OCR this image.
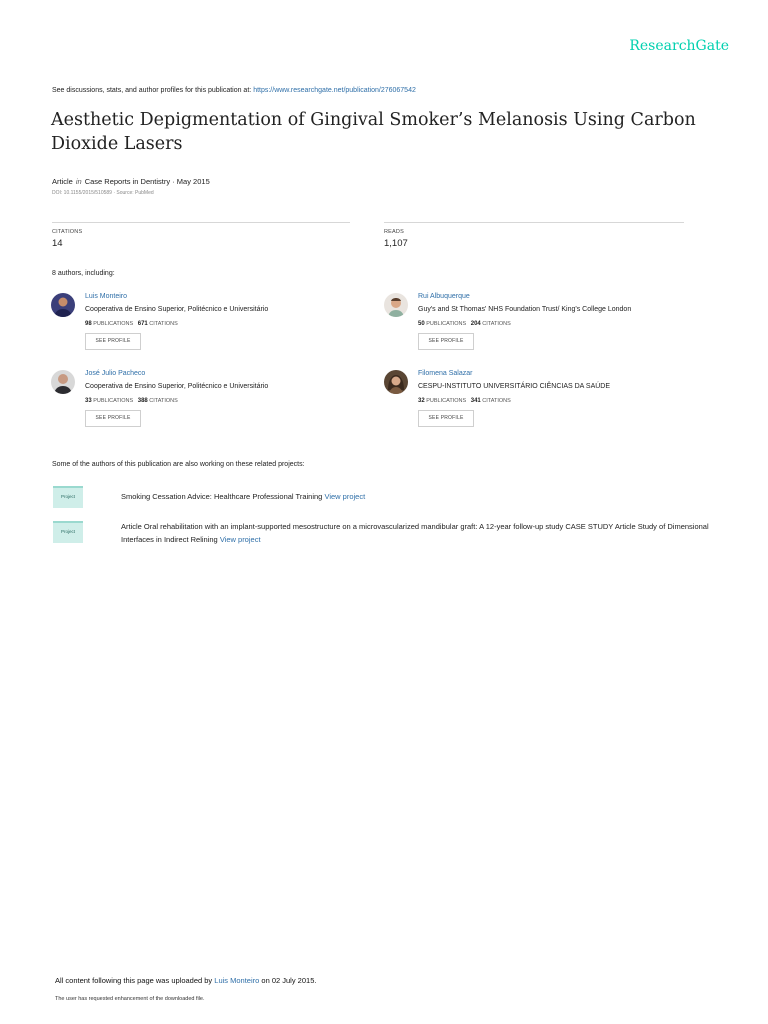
ResearchGate
See discussions, stats, and author profiles for this publication at: https://www.researchgate.net/publication/276067542
Aesthetic Depigmentation of Gingival Smoker’s Melanosis Using Carbon Dioxide Lasers
Article in Case Reports in Dentistry · May 2015
DOI: 10.1155/2015/510589 · Source: PubMed
CITATIONS
14
READS
1,107
8 authors, including:
Luis Monteiro
Cooperativa de Ensino Superior, Politécnico e Universitário
98 PUBLICATIONS 671 CITATIONS
SEE PROFILE
Rui Albuquerque
Guy's and St Thomas' NHS Foundation Trust/ King's College London
50 PUBLICATIONS 204 CITATIONS
SEE PROFILE
José Julio Pacheco
Cooperativa de Ensino Superior, Politécnico e Universitário
33 PUBLICATIONS 388 CITATIONS
SEE PROFILE
Filomena Salazar
CESPU-INSTITUTO UNIVERSITÁRIO CIÊNCIAS DA SAÚDE
32 PUBLICATIONS 341 CITATIONS
SEE PROFILE
Some of the authors of this publication are also working on these related projects:
Project	Smoking Cessation Advice: Healthcare Professional Training View project
Project
Article Oral rehabilitation with an implant-supported mesostructure on a microvascularized mandibular graft: A 12-year follow-up study CASE STUDY Article Study of Dimensional Interfaces in Indirect Relining View project
All content following this page was uploaded by Luis Monteiro on 02 July 2015.
The user has requested enhancement of the downloaded file.
